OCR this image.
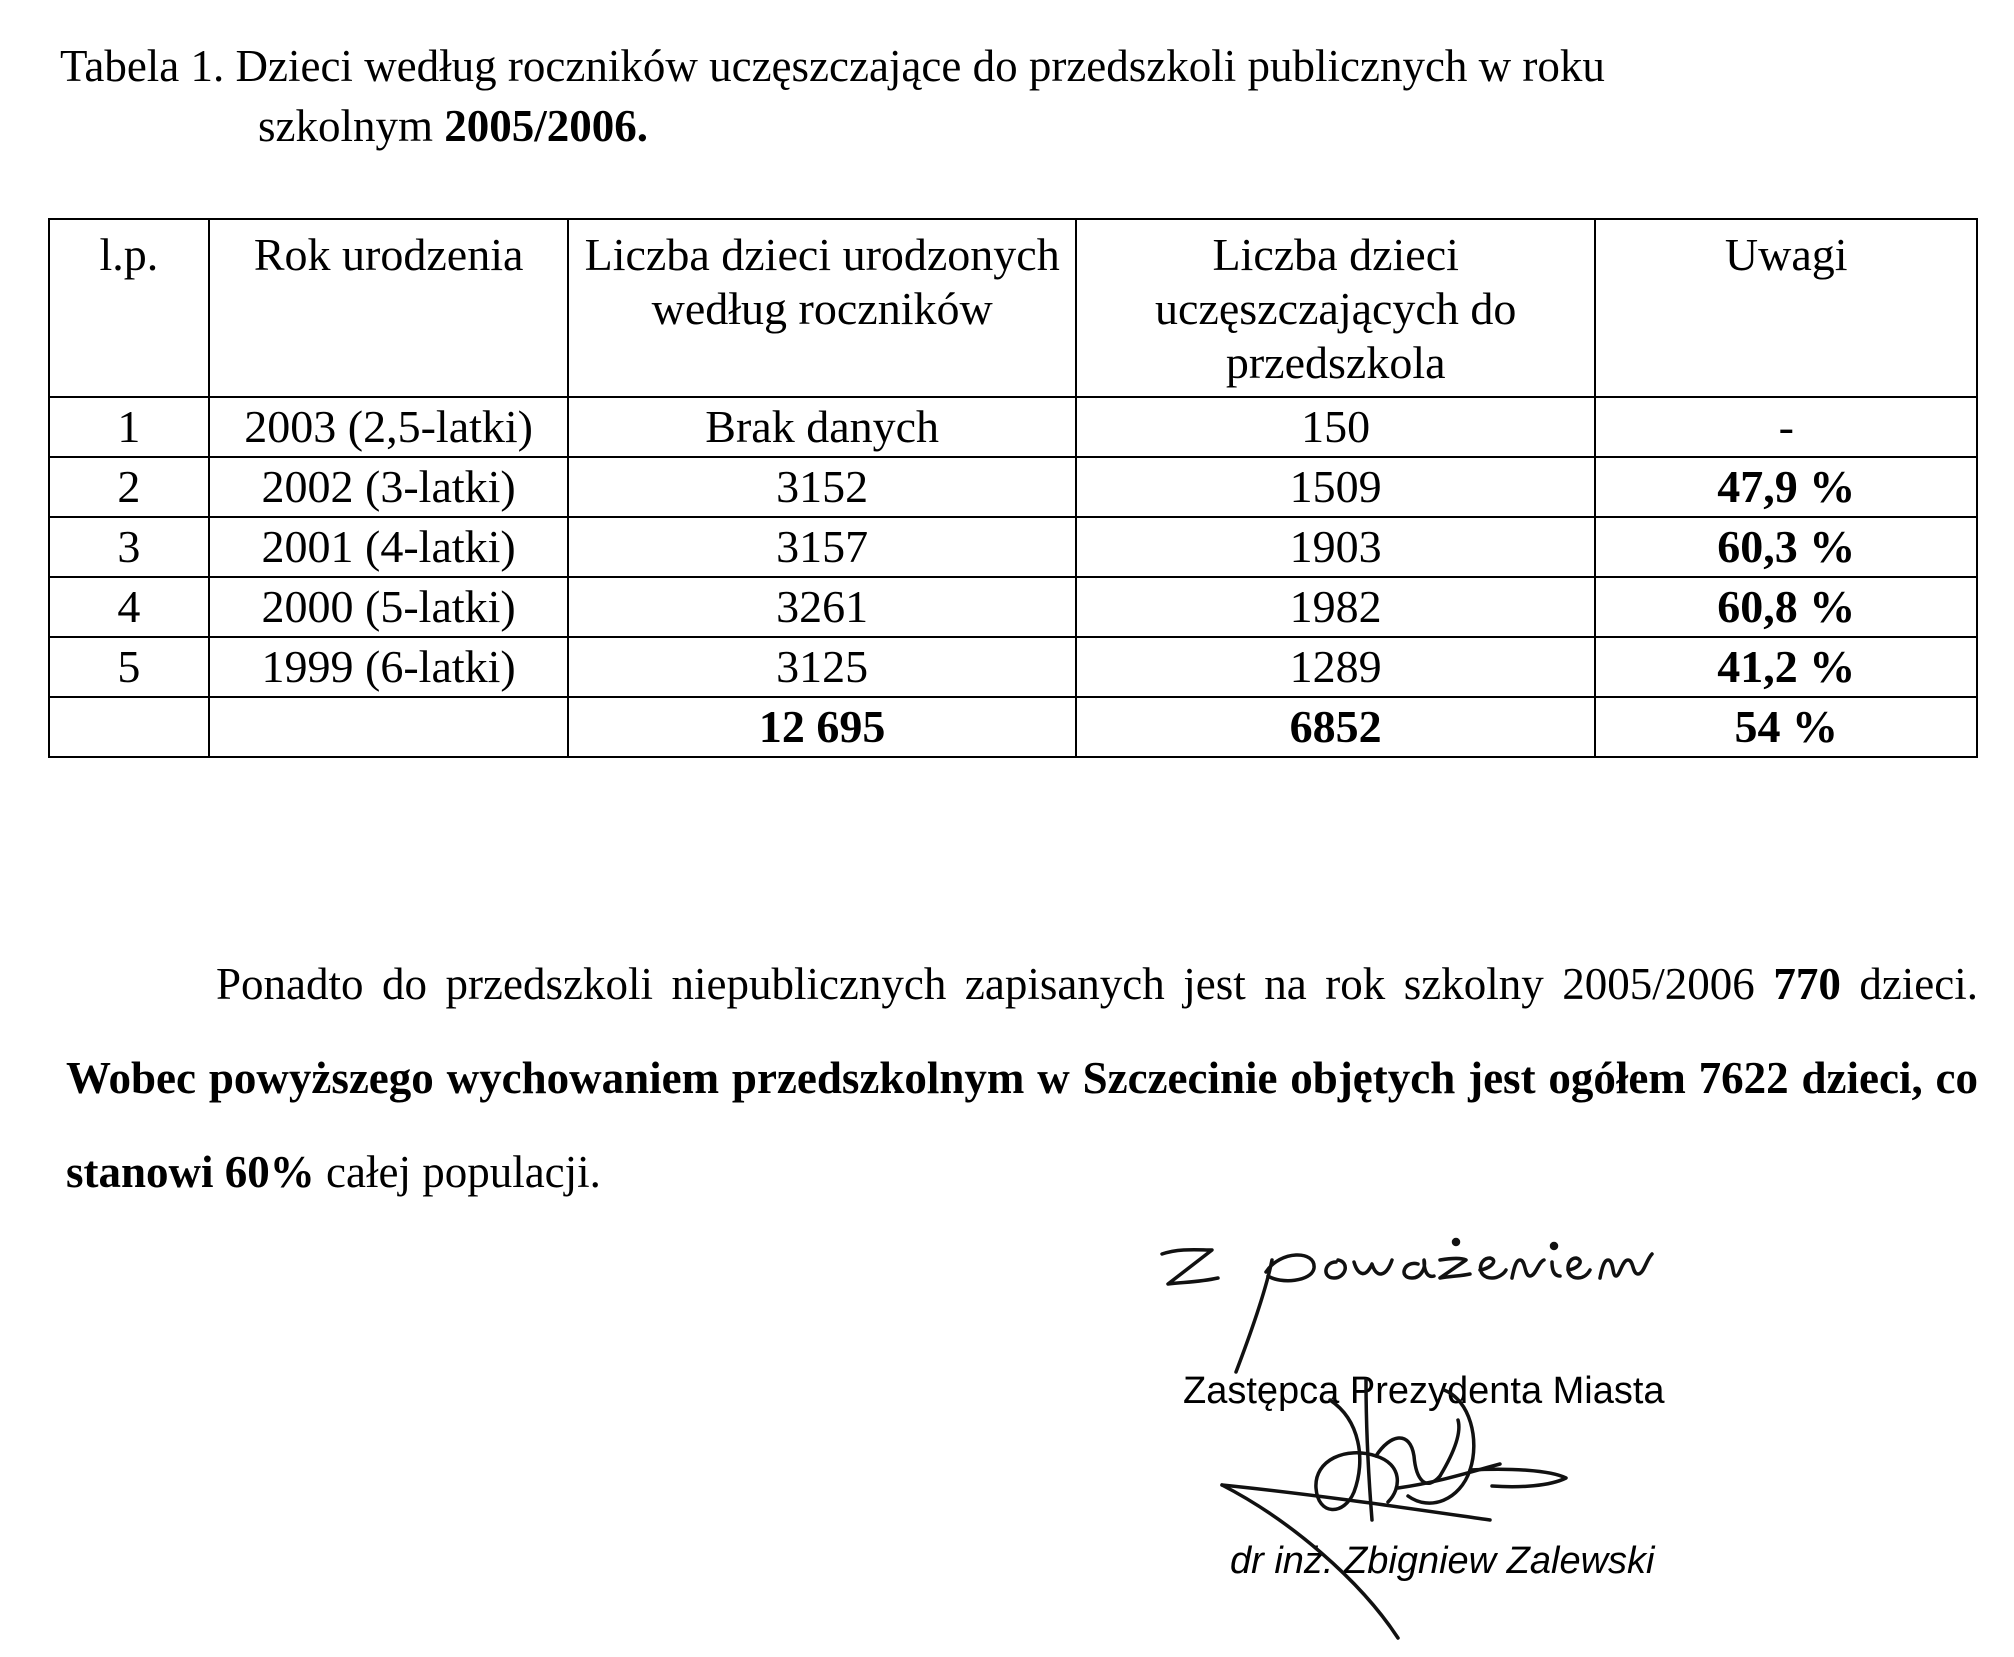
Tabela 1. Dzieci według roczników uczęszczające do przedszkoli publicznych w roku
szkolnym 2005/2006.
l.p.	Rok urodzenia	Liczba dzieci urodzonych według roczników	Liczba dzieci uczęszczających do przedszkola	Uwagi
1	2003 (2,5-latki)	Brak danych	150	-
2	2002 (3-latki)	3152	1509	47,9 %
3	2001 (4-latki)	3157	1903	60,3 %
4	2000 (5-latki)	3261	1982	60,8 %
5	1999 (6-latki)	3125	1289	41,2 %
		12 695	6852	54 %

Ponadto do przedszkoli niepublicznych zapisanych jest na rok szkolny 2005/2006 770 dzieci. Wobec powyższego wychowaniem przedszkolnym w Szczecinie objętych jest ogółem 7622 dzieci, co stanowi 60% całej populacji.

Zastępca Prezydenta Miasta
dr inż. Zbigniew Zalewski
